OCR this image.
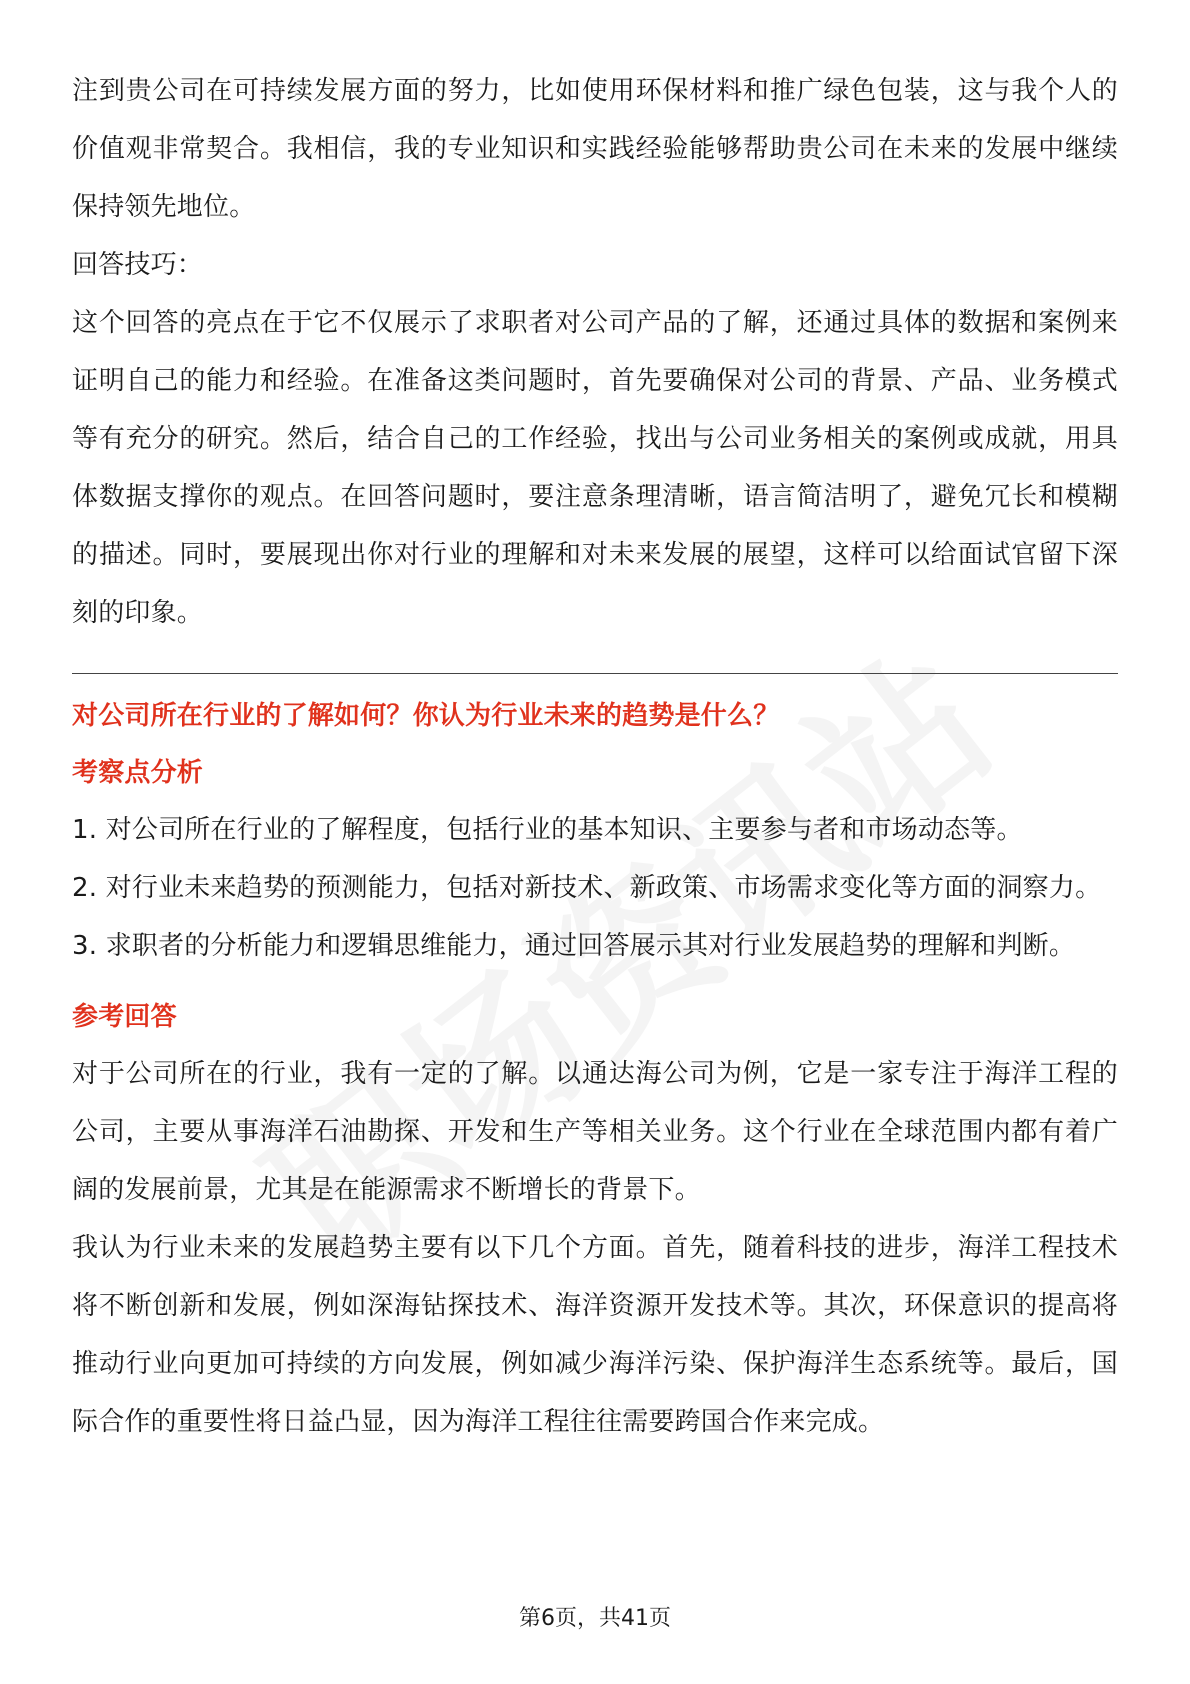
注到贵公司在可持续发展方面的努力，比如使用环保材料和推广绿色包装，这与我个人的价值观非常契合。我相信，我的专业知识和实践经验能够帮助贵公司在未来的发展中继续保持领先地位。

回答技巧：

这个回答的亮点在于它不仅展示了求职者对公司产品的了解，还通过具体的数据和案例来证明自己的能力和经验。在准备这类问题时，首先要确保对公司的背景、产品、业务模式等有充分的研究。然后，结合自己的工作经验，找出与公司业务相关的案例或成就，用具体数据支撑你的观点。在回答问题时，要注意条理清晰，语言简洁明了，避免冗长和模糊的描述。同时，要展现出你对行业的理解和对未来发展的展望，这样可以给面试官留下深刻的印象。

对公司所在行业的了解如何？你认为行业未来的趋势是什么？

考察点分析

1. 对公司所在行业的了解程度，包括行业的基本知识、主要参与者和市场动态等。

2. 对行业未来趋势的预测能力，包括对新技术、新政策、市场需求变化等方面的洞察力。

3. 求职者的分析能力和逻辑思维能力，通过回答展示其对行业发展趋势的理解和判断。

参考回答

对于公司所在的行业，我有一定的了解。以通达海公司为例，它是一家专注于海洋工程的公司，主要从事海洋石油勘探、开发和生产等相关业务。这个行业在全球范围内都有着广阔的发展前景，尤其是在能源需求不断增长的背景下。

我认为行业未来的发展趋势主要有以下几个方面。首先，随着科技的进步，海洋工程技术将不断创新和发展，例如深海钻探技术、海洋资源开发技术等。其次，环保意识的提高将推动行业向更加可持续的方向发展，例如减少海洋污染、保护海洋生态系统等。最后，国际合作的重要性将日益凸显，因为海洋工程往往需要跨国合作来完成。

第6页，共41页
